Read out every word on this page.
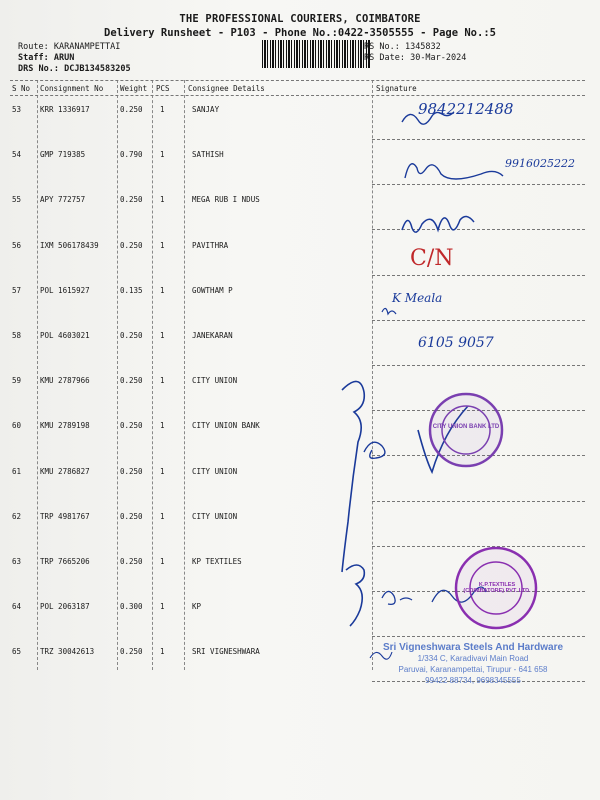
THE PROFESSIONAL COURIERS, COIMBATORE
Delivery Runsheet - P103 - Phone No.:0422-3505555 - Page No.:5
Route: KARANAMPETTAI
Staff: ARUN
DRS No.: DCJB134583205
RS No.: 1345832
RS Date: 30-Mar-2024
S No Consignment No Weight PCS Consignee Details	Signature
53	KRR 1336917	0.250 1	SANJAY
54	GMP 719385	0.790 1	SATHISH
55	APY 772757	0.250 1	MEGA RUB I NDUS
56	IXM 506178439	0.250 1	PAVITHRA
57	POL 1615927	0.135 1	GOWTHAM P
58	POL 4603021	0.250 1	JANEKARAN
59	KMU 2787966	0.250 1	CITY UNION
60	KMU 2789198	0.250 1	CITY UNION BANK
61	KMU 2786827	0.250 1	CITY UNION
62	TRP 4981767	0.250 1	CITY UNION
63	TRP 7665206	0.250 1	KP TEXTILES
64	POL 2063187	0.300 1	KP
65	TRZ 30042613	0.250 1	SRI VIGNESHWARA
9842212488
9916025222
C/N
K Meala
6105 9057
CITY UNION BANK LTD
K.P.TEXTILES (COIMBATORE) PVT. LTD.
Sri Vigneshwara Steels And Hardware
1/334 C, Karadivavi Main Road
Paruvai, Karanampettai, Tirupur - 641 658
99422 88734, 9698345555
